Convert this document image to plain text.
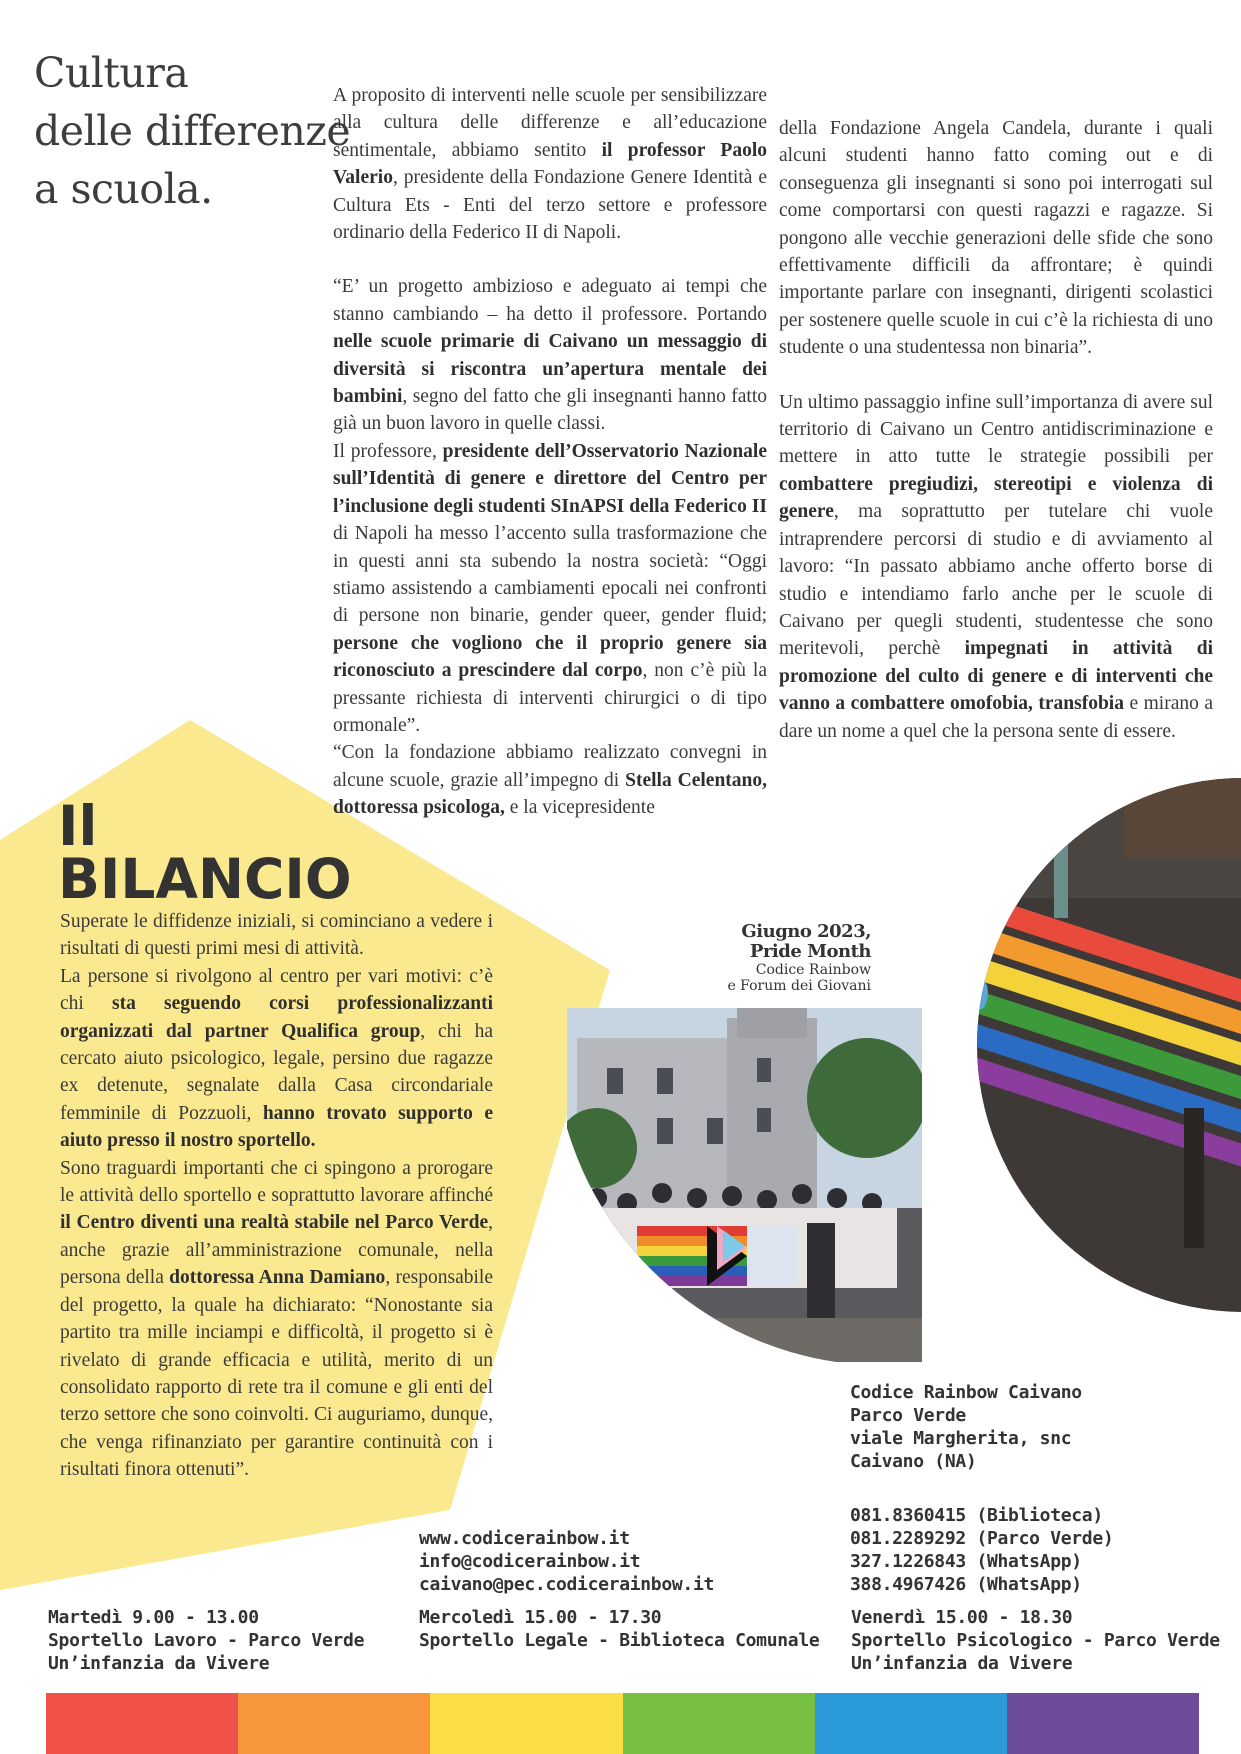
Cultura
delle differenze
a scuola.

A proposito di interventi nelle scuole per sensibilizzare alla cultura delle differenze e all’educazione sentimentale, abbiamo sentito il professor Paolo Valerio, presidente della Fondazione Genere Identità e Cultura Ets - Enti del terzo settore e professore ordinario della Federico II di Napoli.

“E’ un progetto ambizioso e adeguato ai tempi che stanno cambiando – ha detto il professore. Portando nelle scuole primarie di Caivano un messaggio di diversità si riscontra un’apertura mentale dei bambini, segno del fatto che gli insegnanti hanno fatto già un buon lavoro in quelle classi.

Il professore, presidente dell’Osservatorio Nazionale sull’Identità di genere e direttore del Centro per l’inclusione degli studenti SInAPSI della Federico II di Napoli ha messo l’accento sulla trasformazione che in questi anni sta subendo la nostra società: “Oggi stiamo assistendo a cambiamenti epocali nei confronti di persone non binarie, gender queer, gender fluid; persone che vogliono che il proprio genere sia riconosciuto a prescindere dal corpo, non c’è più la pressante richiesta di interventi chirurgici o di tipo ormonale”.

“Con la fondazione abbiamo realizzato convegni in alcune scuole, grazie all’impegno di Stella Celentano, dottoressa psicologa, e la vicepresidente

della Fondazione Angela Candela, durante i quali alcuni studenti hanno fatto coming out e di conseguenza gli insegnanti si sono poi interrogati sul come comportarsi con questi ragazzi e ragazze. Si pongono alle vecchie generazioni delle sfide che sono effettivamente difficili da affrontare; è quindi importante parlare con insegnanti, dirigenti scolastici per sostenere quelle scuole in cui c’è la richiesta di uno studente o una studentessa non binaria”.

Un ultimo passaggio infine sull’importanza di avere sul territorio di Caivano un Centro antidiscriminazione e mettere in atto tutte le strategie possibili per combattere pregiudizi, stereotipi e violenza di genere, ma soprattutto per tutelare chi vuole intraprendere percorsi di studio e di avviamento al lavoro: “In passato abbiamo anche offerto borse di studio e intendiamo farlo anche per le scuole di Caivano per quegli studenti, studentesse che sono meritevoli, perchè impegnati in attività di promozione del culto di genere e di interventi che vanno a combattere omofobia, transfobia e mirano a dare un nome a quel che la persona sente di essere.

Il
BILANCIO

Superate le diffidenze iniziali, si cominciano a vedere i risultati di questi primi mesi di attività.

La persone si rivolgono al centro per vari motivi: c’è chi sta seguendo corsi professionalizzanti organizzati dal partner Qualifica group, chi ha cercato aiuto psicologico, legale, persino due ragazze ex detenute, segnalate dalla Casa circondariale femminile di Pozzuoli, hanno trovato supporto e aiuto presso il nostro sportello.

Sono traguardi importanti che ci spingono a prorogare le attività dello sportello e soprattutto lavorare affinché il Centro diventi una realtà stabile nel Parco Verde, anche grazie all’amministrazione comunale, nella persona della dottoressa Anna Damiano, responsabile del progetto, la quale ha dichiarato: “Nonostante sia partito tra mille inciampi e difficoltà, il progetto si è rivelato di grande efficacia e utilità, merito di un consolidato rapporto di rete tra il comune e gli enti del terzo settore che sono coinvolti. Ci auguriamo, dunque, che venga rifinanziato per garantire continuità con i risultati finora ottenuti”.

Giugno 2023,
Pride Month
Codice Rainbow
e Forum dei Giovani
Codice Rainbow Caivano
Parco Verde
viale Margherita, snc
Caivano (NA)
081.8360415 (Biblioteca)
081.2289292 (Parco Verde)
327.1226843 (WhatsApp)
388.4967426 (WhatsApp)
www.codicerainbow.it
info@codicerainbow.it
caivano@pec.codicerainbow.it
Martedì 9.00 - 13.00
Sportello Lavoro - Parco Verde
Un’infanzia da Vivere
Mercoledì 15.00 - 17.30
Sportello Legale - Biblioteca Comunale
Venerdì 15.00 - 18.30
Sportello Psicologico - Parco Verde
Un’infanzia da Vivere
